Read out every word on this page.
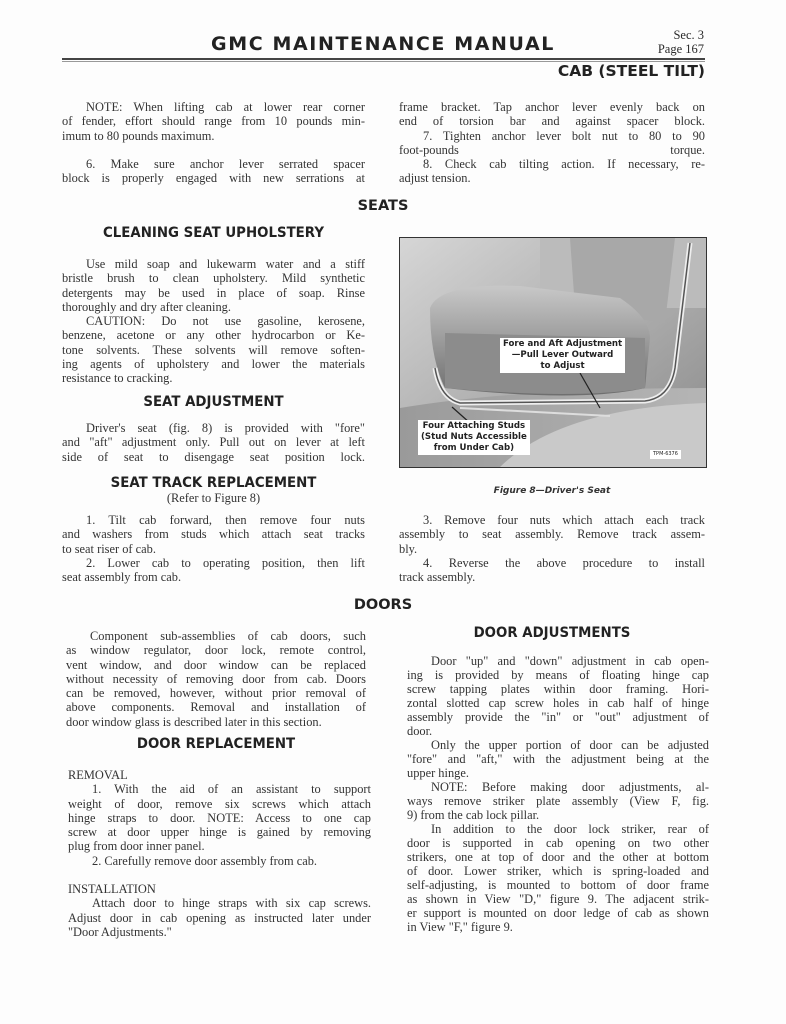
GMC MAINTENANCE MANUAL	Sec. 3
Page 167
CAB (STEEL TILT)
NOTE: When lifting cab at lower rear corner
of fender, effort should range from 10 pounds min-
imum to 80 pounds maximum.
6. Make sure anchor lever serrated spacer
block is properly engaged with new serrations at
frame bracket. Tap anchor lever evenly back on
end of torsion bar and against spacer block.
7. Tighten anchor lever bolt nut to 80 to 90
foot-pounds torque.
8. Check cab tilting action. If necessary, re-
adjust tension.
SEATS
CLEANING SEAT UPHOLSTERY
Use mild soap and lukewarm water and a stiff
bristle brush to clean upholstery. Mild synthetic
detergents may be used in place of soap. Rinse
thoroughly and dry after cleaning.
CAUTION: Do not use gasoline, kerosene,
benzene, acetone or any other hydrocarbon or Ke-
tone solvents. These solvents will remove soften-
ing agents of upholstery and lower the materials
resistance to cracking.
SEAT ADJUSTMENT
Driver's seat (fig. 8) is provided with "fore"
and "aft" adjustment only. Pull out on lever at left
side of seat to disengage seat position lock.
SEAT TRACK REPLACEMENT
(Refer to Figure 8)
1. Tilt cab forward, then remove four nuts
and washers from studs which attach seat tracks
to seat riser of cab.
2. Lower cab to operating position, then lift
seat assembly from cab.
3. Remove four nuts which attach each track
assembly to seat assembly. Remove track assem-
bly.
4. Reverse the above procedure to install
track assembly.
Fore and Aft Adjustment
—Pull Lever Outward
to Adjust
Four Attaching Studs
(Stud Nuts Accessible
from Under Cab)
TPM-6376
Figure 8—Driver's Seat
DOORS
Component sub-assemblies of cab doors, such
as window regulator, door lock, remote control,
vent window, and door window can be replaced
without necessity of removing door from cab. Doors
can be removed, however, without prior removal of
above components. Removal and installation of
door window glass is described later in this section.
DOOR REPLACEMENT
REMOVAL
1. With the aid of an assistant to support
weight of door, remove six screws which attach
hinge straps to door. NOTE: Access to one cap
screw at door upper hinge is gained by removing
plug from door inner panel.
2. Carefully remove door assembly from cab.
INSTALLATION
Attach door to hinge straps with six cap screws.
Adjust door in cab opening as instructed later under
"Door Adjustments."
DOOR ADJUSTMENTS
Door "up" and "down" adjustment in cab open-
ing is provided by means of floating hinge cap
screw tapping plates within door framing. Hori-
zontal slotted cap screw holes in cab half of hinge
assembly provide the "in" or "out" adjustment of
door.
Only the upper portion of door can be adjusted
"fore" and "aft," with the adjustment being at the
upper hinge.
NOTE: Before making door adjustments, al-
ways remove striker plate assembly (View F, fig.
9) from the cab lock pillar.
In addition to the door lock striker, rear of
door is supported in cab opening on two other
strikers, one at top of door and the other at bottom
of door. Lower striker, which is spring-loaded and
self-adjusting, is mounted to bottom of door frame
as shown in View "D," figure 9. The adjacent strik-
er support is mounted on door ledge of cab as shown
in View "F," figure 9.
